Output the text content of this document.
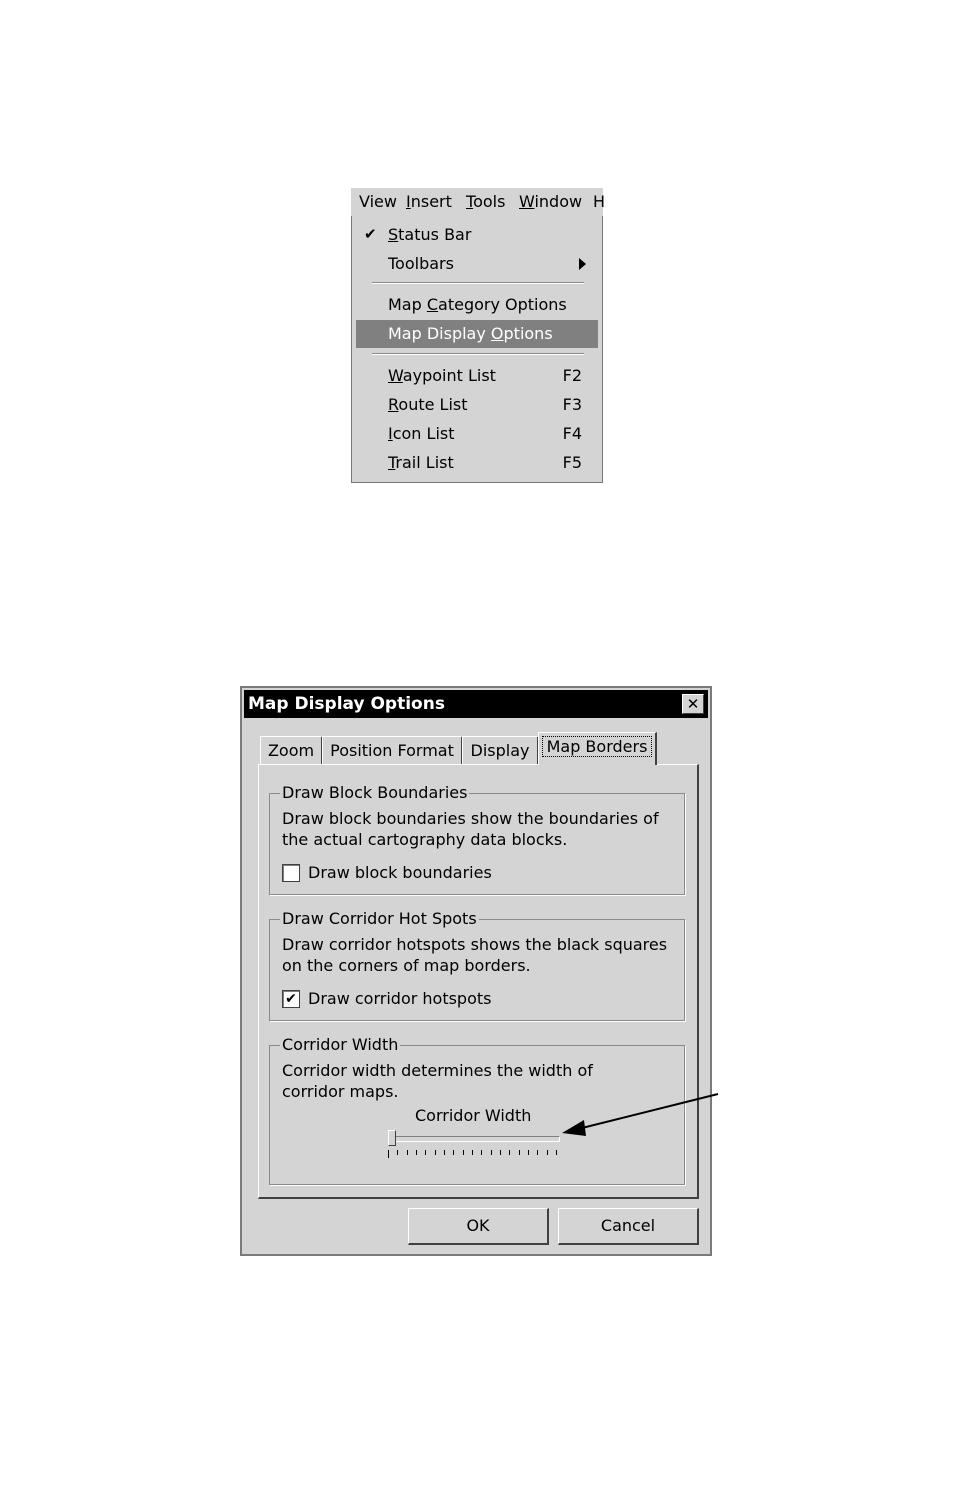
View Insert Tools Window H
✔ Status Bar
Toolbars
Map Category Options
Map Display Options
Waypoint List	F2
Route List	F3
Icon List	F4
Trail List	F5
Map Display Options	✕
Zoom	Position Format	Display	Map Borders
Draw Block Boundaries
Draw block boundaries show the boundaries of the actual cartography data blocks.
Draw block boundaries
Draw Corridor Hot Spots
Draw corridor hotspots shows the black squares on the corners of map borders.
✔ Draw corridor hotspots
Corridor Width
Corridor width determines the width of corridor maps.
Corridor Width
OK	Cancel
